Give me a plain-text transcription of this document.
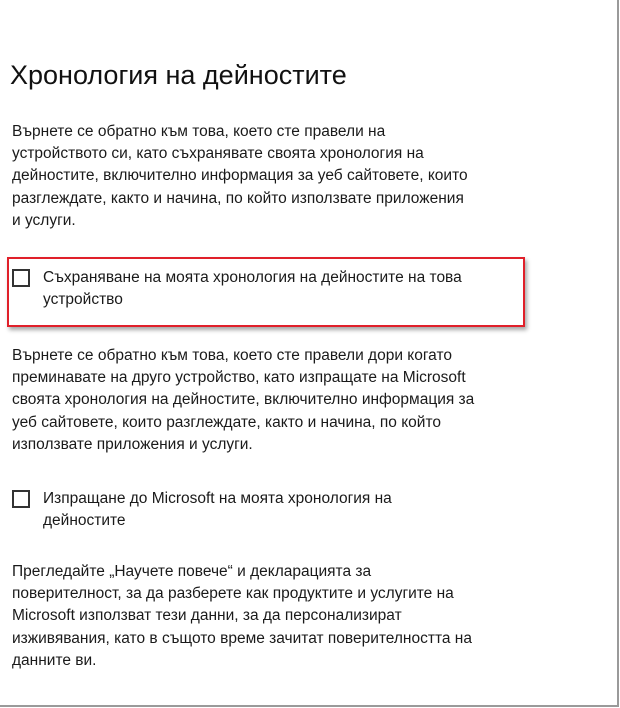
Хронология на дейностите
Върнете се обратно към това, което сте правели на
устройството си, като съхранявате своята хронология на
дейностите, включително информация за уеб сайтовете, които
разглеждате, както и начина, по който използвате приложения
и услуги.
Съхраняване на моята хронология на дейностите на това
устройство
Върнете се обратно към това, което сте правели дори когато
преминавате на друго устройство, като изпращате на Microsoft
своята хронология на дейностите, включително информация за
уеб сайтовете, които разглеждате, както и начина, по който
използвате приложения и услуги.
Изпращане до Microsoft на моята хронология на
дейностите
Прегледайте „Научете повече“ и декларацията за
поверителност, за да разберете как продуктите и услугите на
Microsoft използват тези данни, за да персонализират
изживявания, като в същото време зачитат поверителността на
данните ви.
